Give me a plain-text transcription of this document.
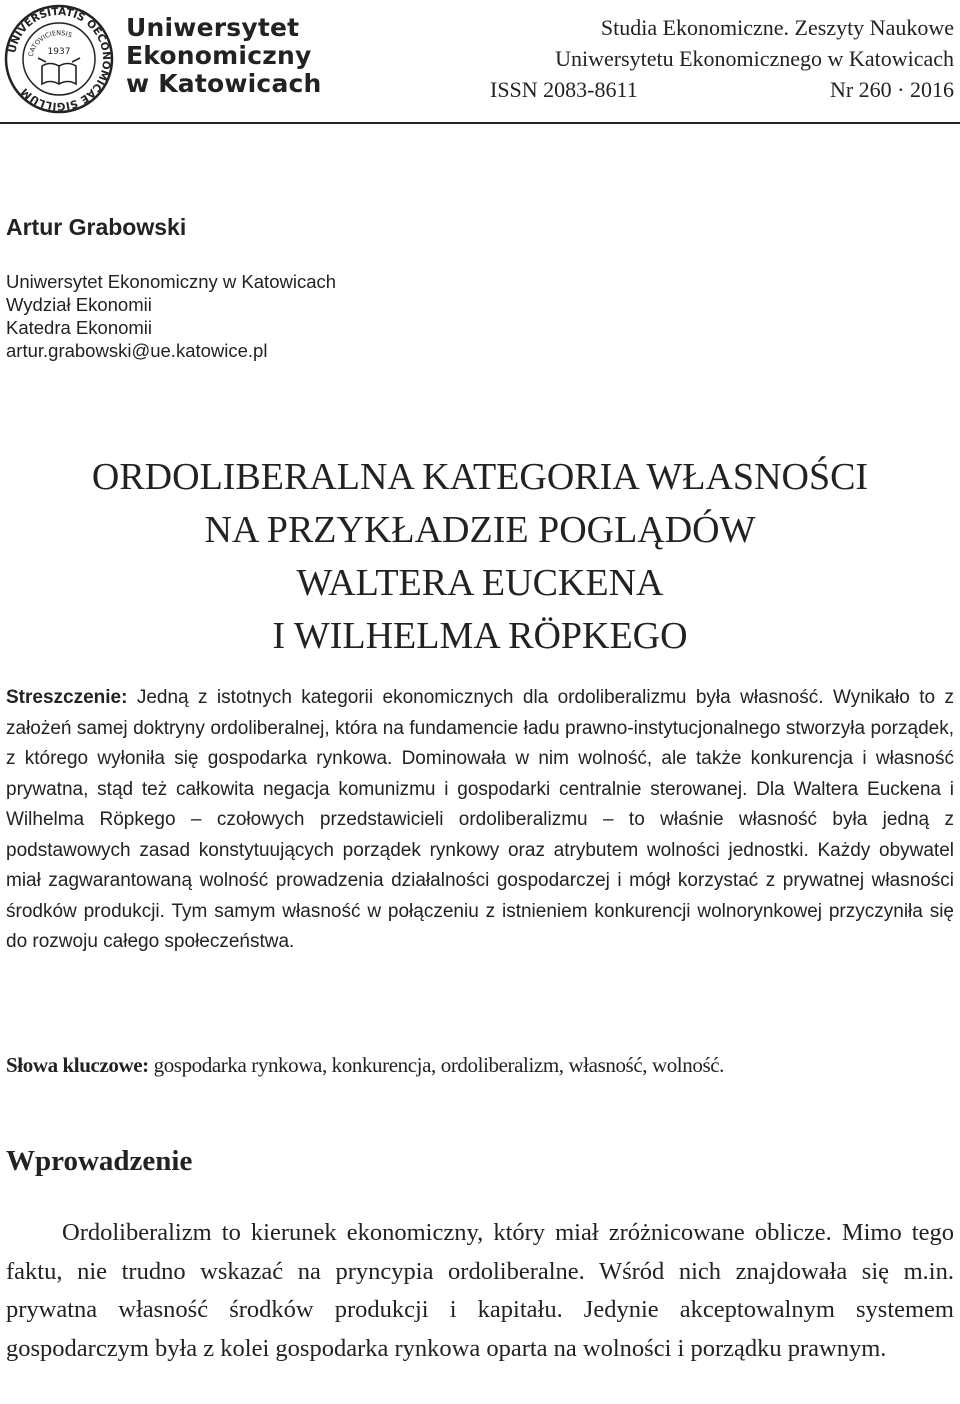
UNIVERSITATIS OECONOMICAE SIGILLUM
CATOVICIENSIS
1937
Uniwersytet
Ekonomiczny
w Katowicach
Studia Ekonomiczne. Zeszyty Naukowe
Uniwersytetu Ekonomicznego w Katowicach
ISSN 2083-8611	Nr 260 · 2016
Artur Grabowski
Uniwersytet Ekonomiczny w Katowicach
Wydział Ekonomii
Katedra Ekonomii
artur.grabowski@ue.katowice.pl
ORDOLIBERALNA KATEGORIA WŁASNOŚCI
NA PRZYKŁADZIE POGLĄDÓW
WALTERA EUCKENA
I WILHELMA RÖPKEGO

Streszczenie: Jedną z istotnych kategorii ekonomicznych dla ordoliberalizmu była własność. Wynikało to z założeń samej doktryny ordoliberalnej, która na fundamencie ładu prawno-instytucjonalnego stworzyła porządek, z którego wyłoniła się gospodarka rynkowa. Dominowała w nim wolność, ale także konkurencja i własność prywatna, stąd też całkowita negacja komunizmu i gospodarki centralnie sterowanej. Dla Waltera Euckena i Wilhelma Röpkego – czołowych przedstawicieli ordoliberalizmu – to właśnie własność była jedną z podstawowych zasad konstytuujących porządek rynkowy oraz atrybutem wolności jednostki. Każdy obywatel miał zagwarantowaną wolność prowadzenia działalności gospodarczej i mógł korzystać z prywatnej własności środków produkcji. Tym samym własność w połączeniu z istnieniem konkurencji wolnorynkowej przyczyniła się do rozwoju całego społeczeństwa.

Słowa kluczowe: gospodarka rynkowa, konkurencja, ordoliberalizm, własność, wolność.

Wprowadzenie

Ordoliberalizm to kierunek ekonomiczny, który miał zróżnicowane oblicze. Mimo tego faktu, nie trudno wskazać na pryncypia ordoliberalne. Wśród nich znajdowała się m.in. prywatna własność środków produkcji i kapitału. Jedynie akceptowalnym systemem gospodarczym była z kolei gospodarka rynkowa oparta na wolności i porządku prawnym.
